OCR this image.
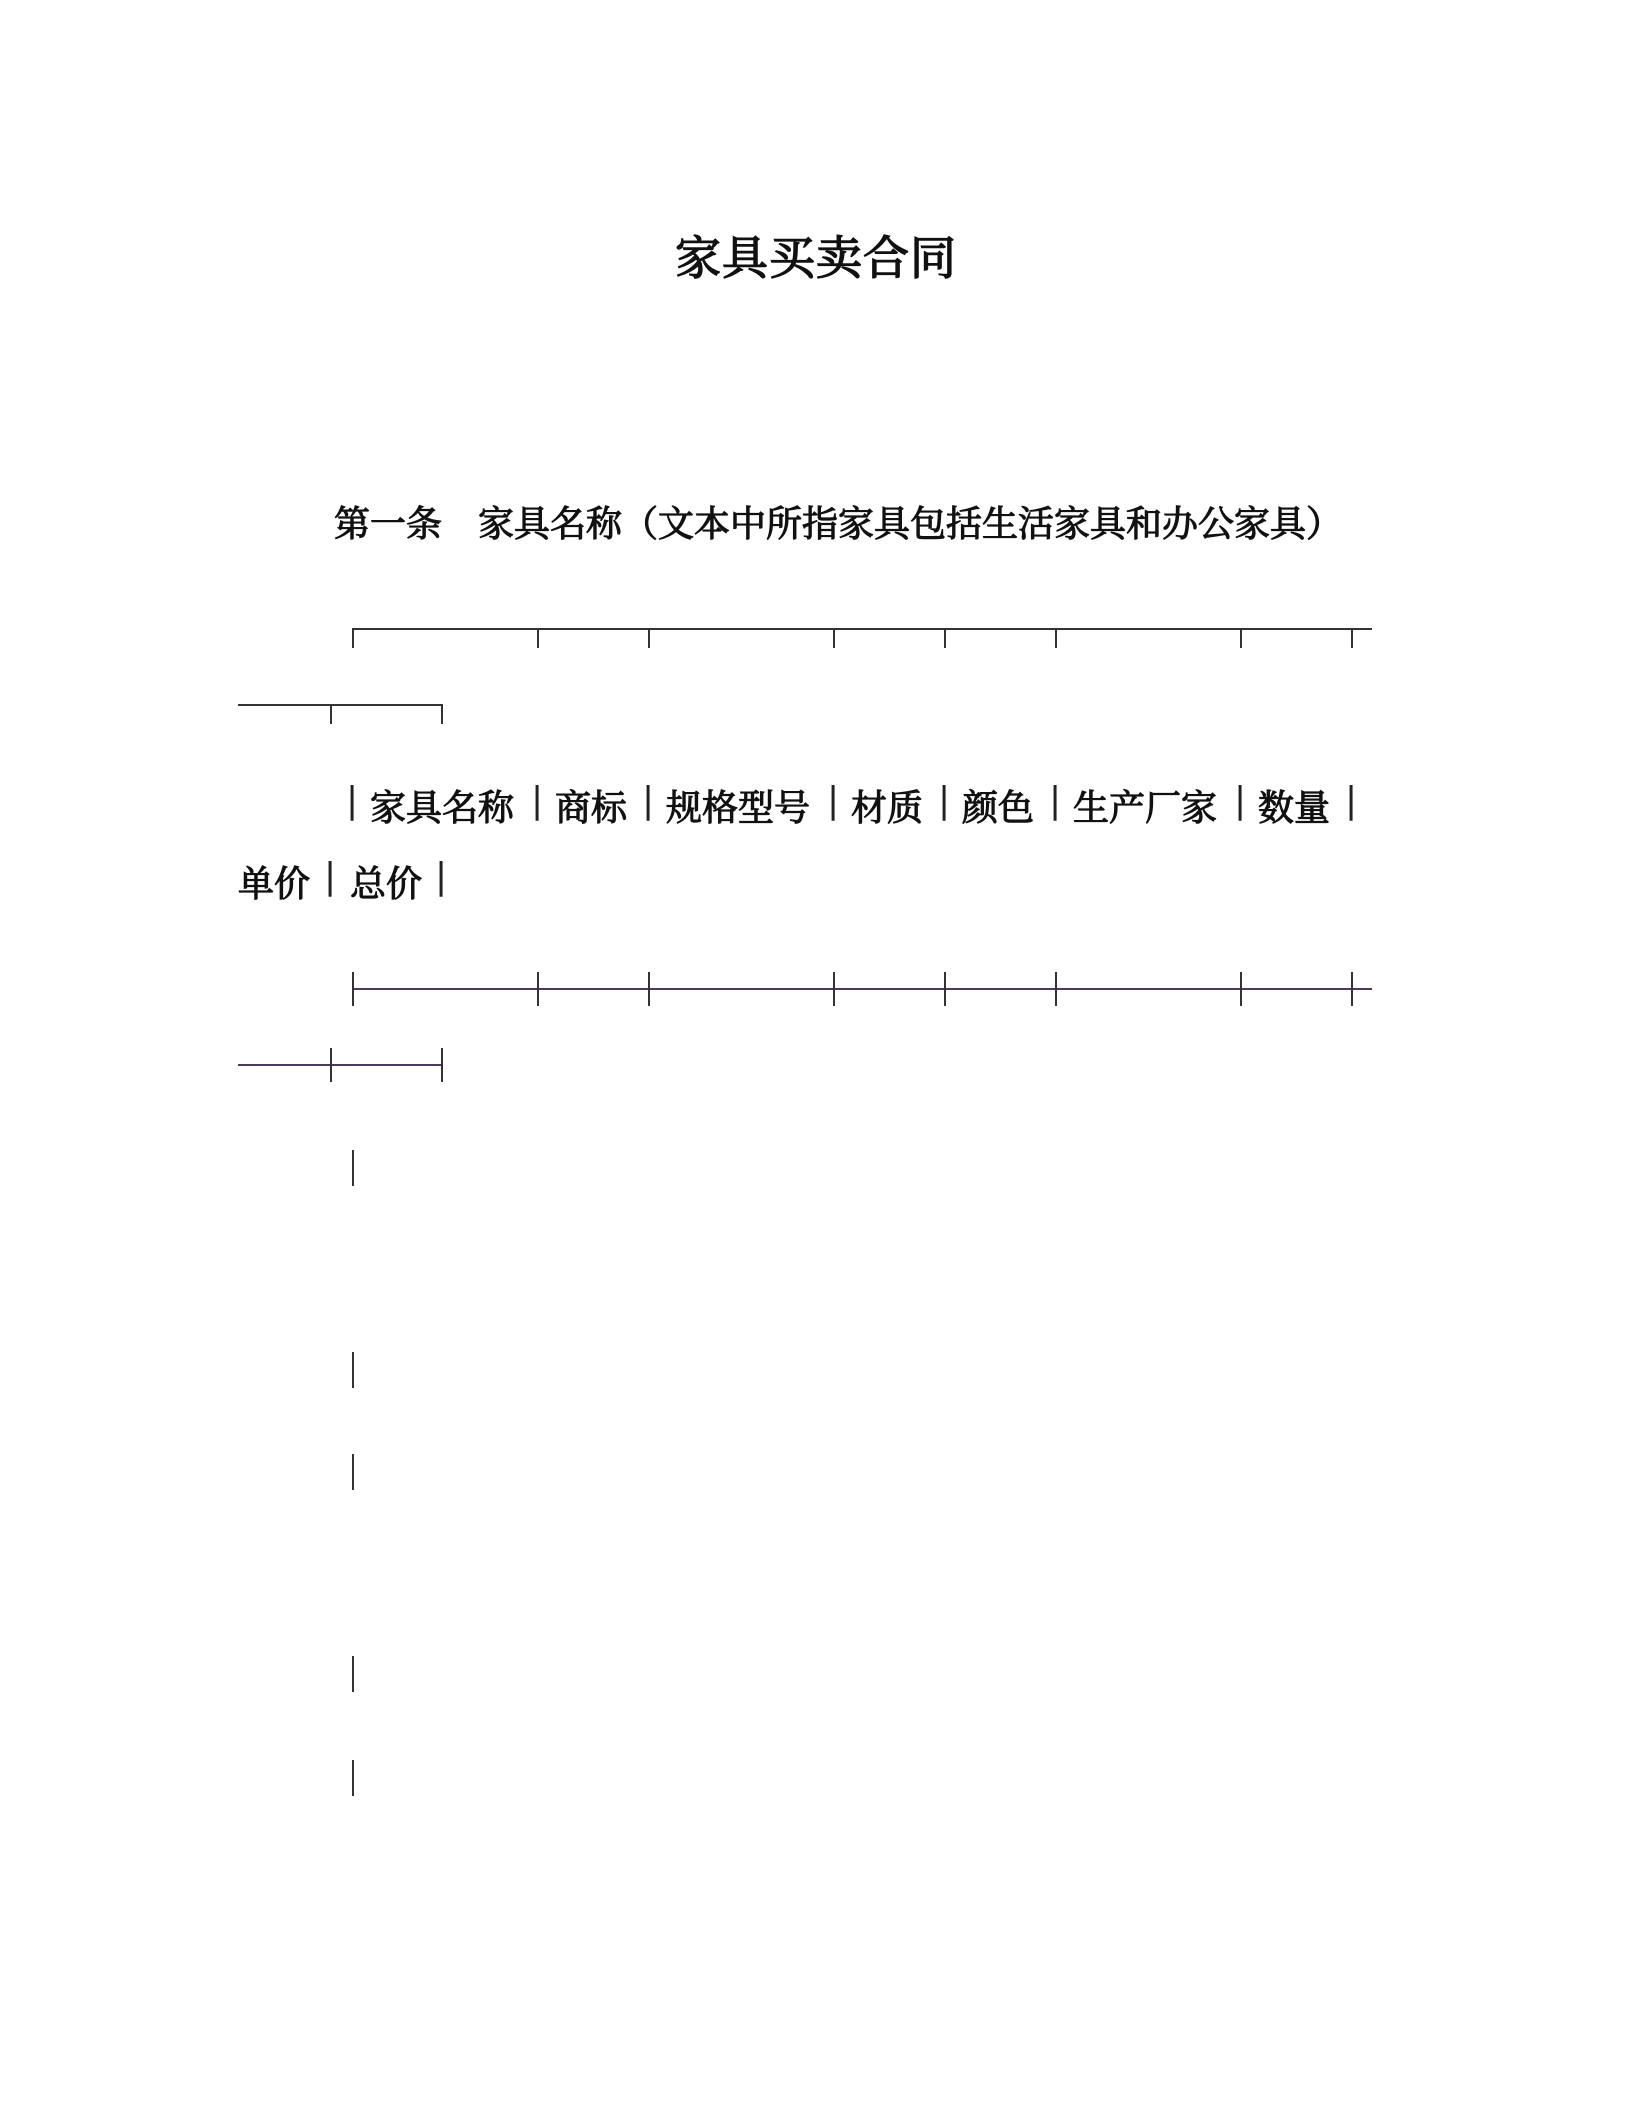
家具买卖合同
第一条　家具名称（文本中所指家具包括生活家具和办公家具）
| 家具名称 | 商标 | 规格型号 | 材质 | 颜色 | 生产厂家 | 数量 |
单价 | 总价 |
